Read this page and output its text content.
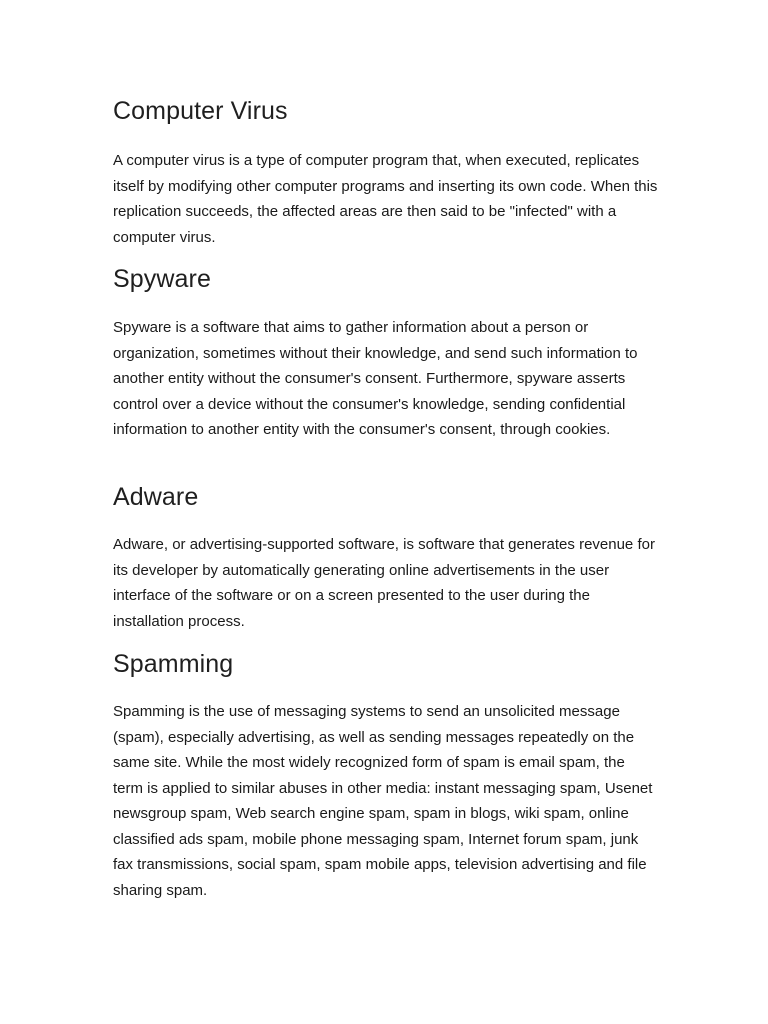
Computer Virus

A computer virus is a type of computer program that, when executed, replicates itself by modifying other computer programs and inserting its own code. When this replication succeeds, the affected areas are then said to be "infected" with a computer virus.

Spyware

Spyware is a software that aims to gather information about a person or organization, sometimes without their knowledge, and send such information to another entity without the consumer's consent. Furthermore, spyware asserts control over a device without the consumer's knowledge, sending confidential information to another entity with the consumer's consent, through cookies.

Adware

Adware, or advertising-supported software, is software that generates revenue for its developer by automatically generating online advertisements in the user interface of the software or on a screen presented to the user during the installation process.

Spamming

Spamming is the use of messaging systems to send an unsolicited message (spam), especially advertising, as well as sending messages repeatedly on the same site. While the most widely recognized form of spam is email spam, the term is applied to similar abuses in other media: instant messaging spam, Usenet newsgroup spam, Web search engine spam, spam in blogs, wiki spam, online classified ads spam, mobile phone messaging spam, Internet forum spam, junk fax transmissions, social spam, spam mobile apps, television advertising and file sharing spam.
